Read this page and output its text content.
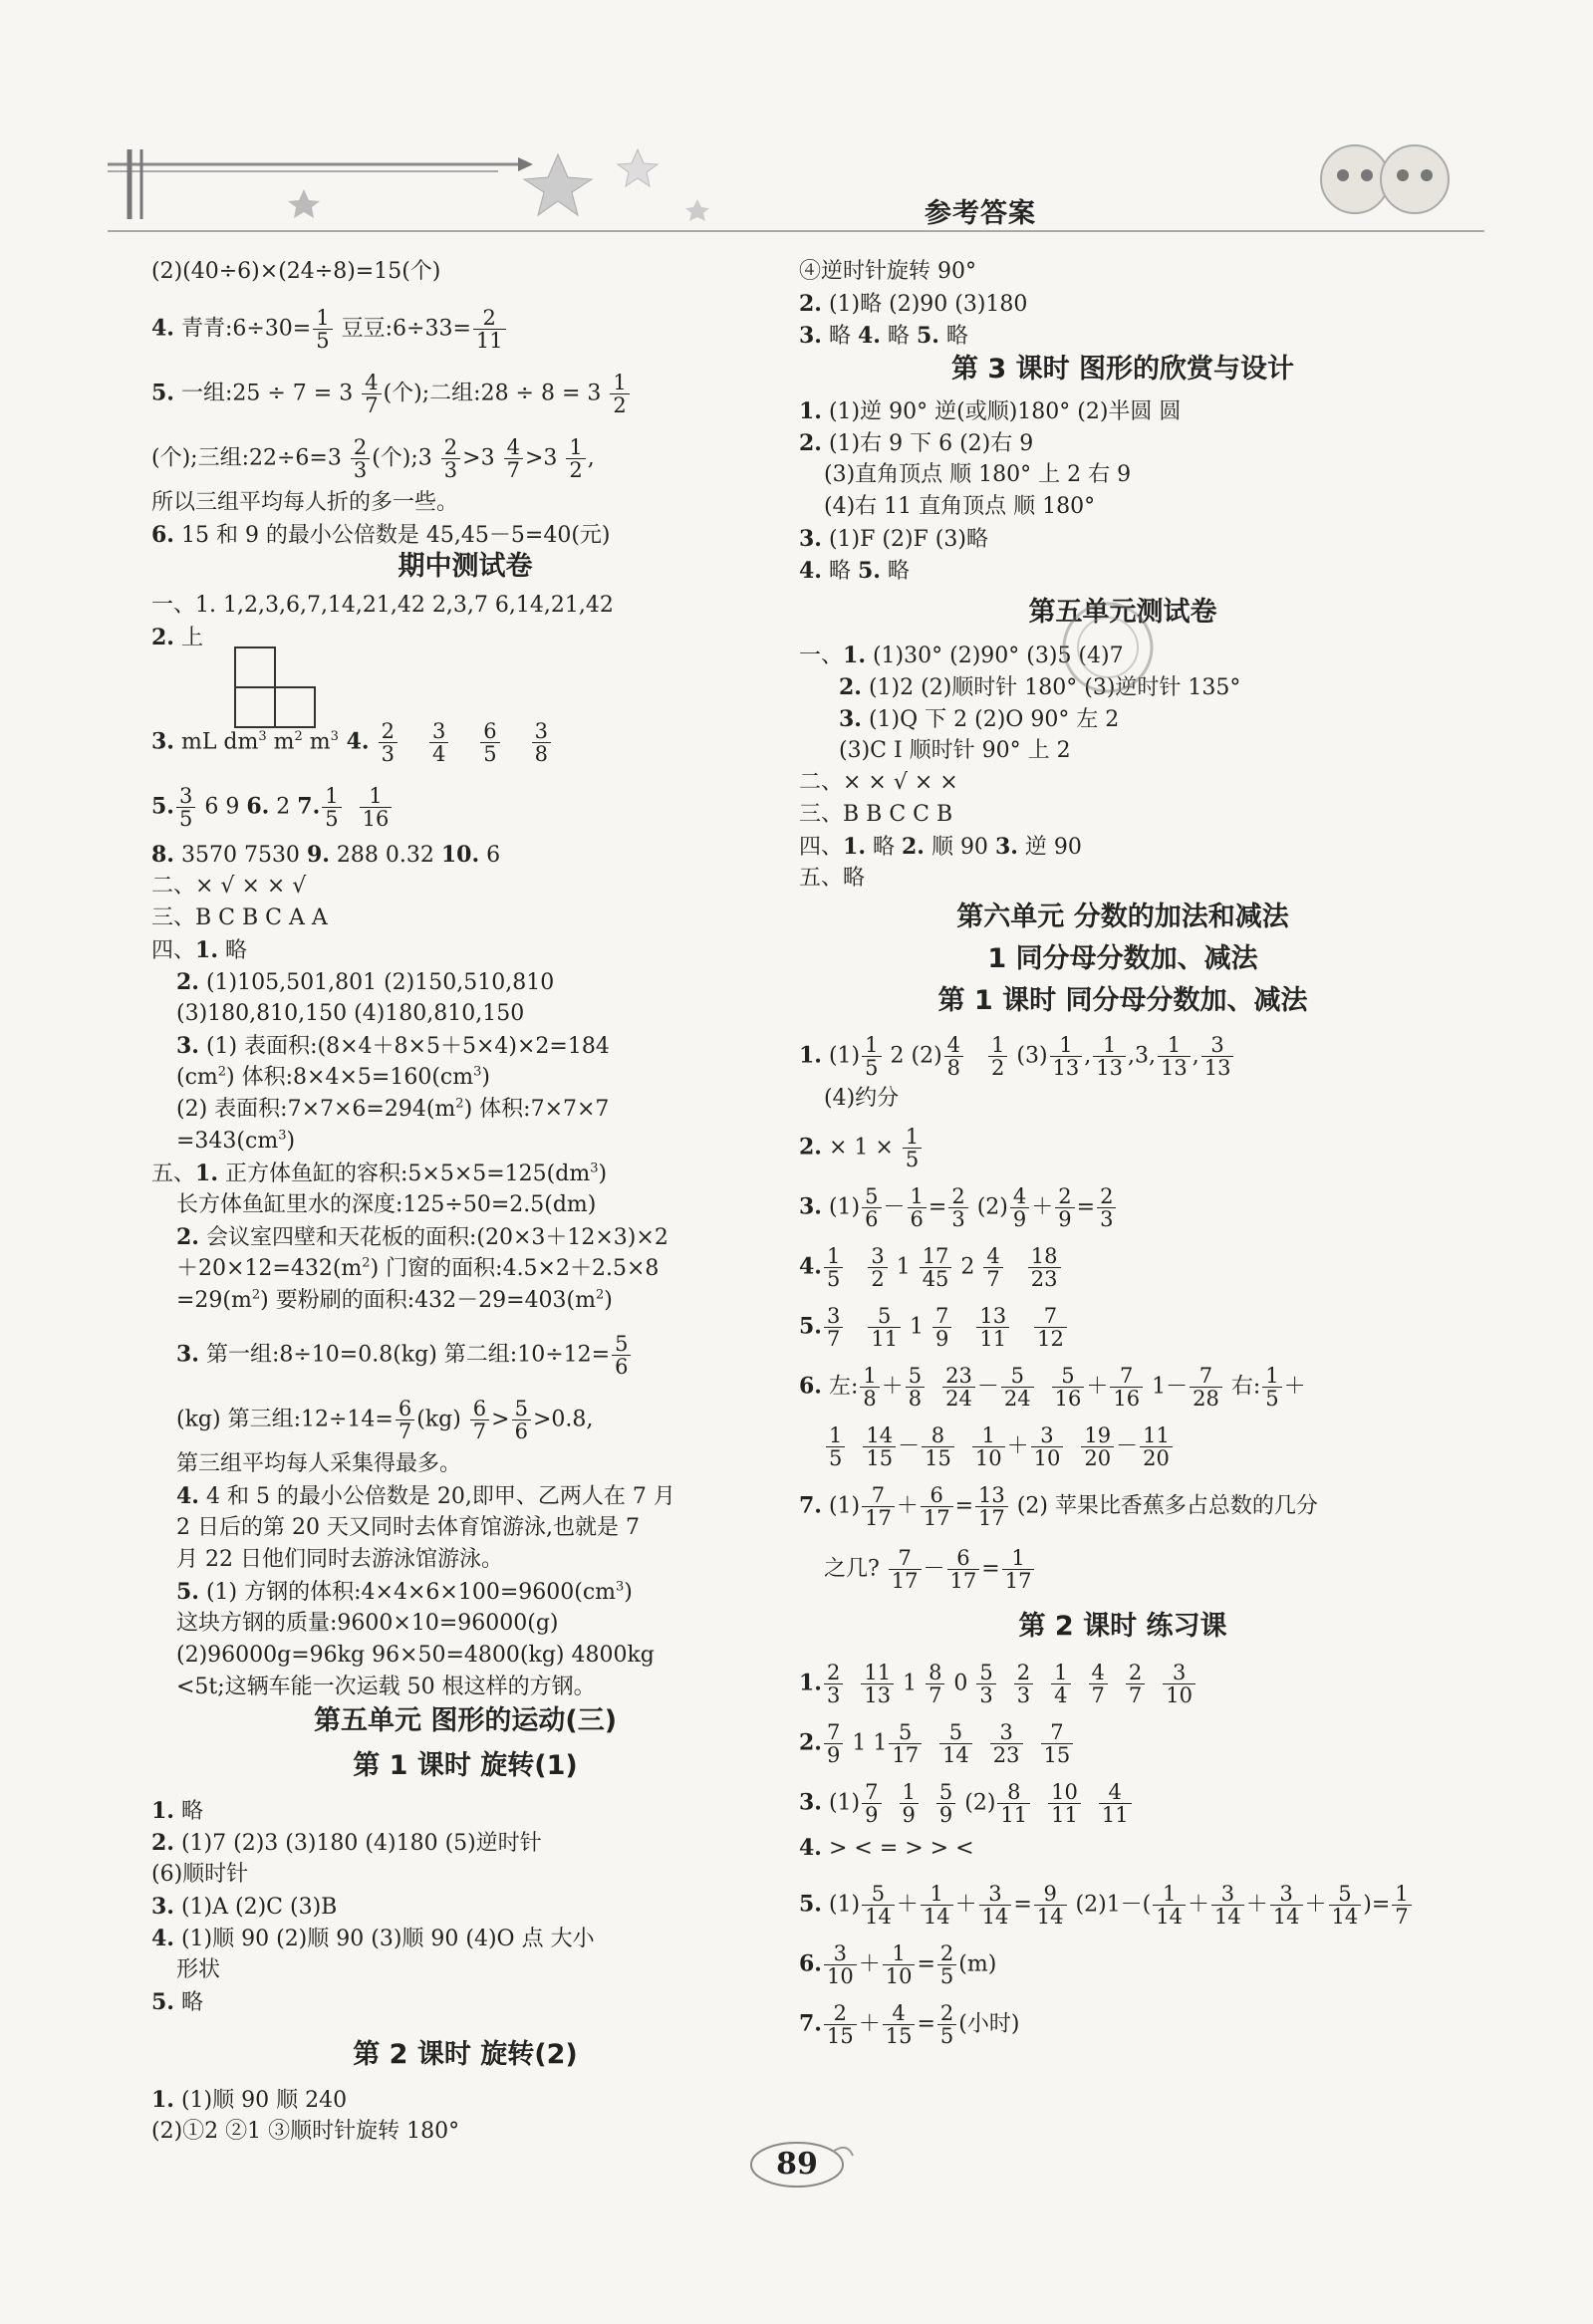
参考答案
(2)(40÷6)×(24÷8)=15(个)
4. 青青:6÷30= $\frac{1}{5}$ 豆豆:6÷33= $\frac{2}{11}$
5. 一组:25 ÷ $7 = 3 \frac{4}{7}$ (个);二组:28 ÷ $8 = 3 \frac{1}{2}$
(个);三组:22÷6=3 $\frac{2}{3}$ (个);3 $\frac{2}{3} >3 \frac{4}{7} >3 \frac{1}{2}$ ,
所以三组平均每人折的多一些。
6. 15 和 9 的最小公倍数是 45,45－5=40(元)
期中测试卷
一、1. 1,2,3,6,7,14,21,42 2,3,7 6,14,21,42
2. 上
3. mL $dm^3$ $m^2$ $m^3$ 4. $\frac{2}{3}$
$\frac{3}{4}$
$\frac{6}{5}$
$\frac{3}{8}$
5. $\frac{3}{5} 6$ 9 6. 2 7. $\frac{1}{5}$
$\frac{1}{16}$
8. 3570 7530 9. 288 0.32 10. 6
二、× √ × × √
三、B C B C A A
四、1. 略
2. (1)105,501,801 (2)150,510,810
(3)180,810,150 (4)180,810,150
3. (1) 表面积:(8×4＋8×5＋5×4)×2=184
$(cm^2)$ 体积$:8\times 4\times 5=160(cm^3)$
(2) 表面积$:7\times 7\times 6=294(m^2)$ 体积:7×7×7
$=343(cm^3)$
五、1. 正方体鱼缸的容积$:5\times 5\times 5=125(dm^3)$
长方体鱼缸里水的深度:125÷50=2.5(dm)
2. 会议室四壁和天花板的面积:(20×3＋12×3)×2
$+20\times 12=432(m^2)$ 门窗的面积:4.5×2＋2.5×8
$=29(m^2)$ 要粉刷的面积$:432-29=403(m^2)$
3. 第一组:8÷10=0.8(kg) 第二组:10÷12= $\frac{5}{6}$
(kg) 第三组:12÷14= $\frac{6}{7} (kg) \frac{6}{7} > \frac{5}{6} >0.8$,
第三组平均每人采集得最多。
4. 4 和 5 的最小公倍数是 20,即甲、乙两人在 7 月
2 日后的第 20 天又同时去体育馆游泳,也就是 7
月 22 日他们同时去游泳馆游泳。
5. (1) 方钢的体积$:4\times 4\times 6\times 100=9600(cm^3)$
这块方钢的质量:9600×10=96000(g)
(2)96000g=96kg 96×50=4800(kg) 4800kg
<5t;这辆车能一次运载 50 根这样的方钢。
第五单元 图形的运动(三)
第 1 课时 旋转(1)
1. 略
2. (1)7 (2)3 (3)180 (4)180 (5)逆时针
(6)顺时针
3. (1)A (2)C (3)B
4. (1)顺 90 (2)顺 90 (3)顺 90 (4)O 点 大小
形状
5. 略
第 2 课时 旋转(2)
1. (1)顺 90 顺 240
(2)①2 ②1 ③顺时针旋转 180°
④逆时针旋转 90°
2. (1)略 (2)90 (3)180
3. 略 4. 略 5. 略
第 3 课时 图形的欣赏与设计
1. (1)逆 90° 逆(或顺)180° (2)半圆 圆
2. (1)右 9 下 6 (2)右 9
(3)直角顶点 顺 180° 上 2 右 9
(4)右 11 直角顶点 顺 180°
3. (1)F (2)F (3)略
4. 略 5. 略
第五单元测试卷
一、1. (1)30° (2)90° (3)5 (4)7
2. (1)2 (2)顺时针 180° (3)逆时针 135°
3. (1)Q 下 2 (2)O 90° 左 2
(3)C I 顺时针 90° 上 2
二、× × √ × ×
三、B B C C B
四、1. 略 2. 顺 90 3. 逆 90
五、略
第六单元 分数的加法和减法
1 同分母分数加、减法
第 1 课时 同分母分数加、减法
1. $(1) \frac{1}{5} 2$ $(2) \frac{4}{8}$
$\frac{1}{2} (3) \frac{1}{13}$ , $\frac{1}{13} ,3$, $\frac{1}{13}$ , $\frac{3}{13}$
(4)约分
2. × $1 \times \frac{1}{5}$
3. $(1) \frac{5}{6} - \frac{1}{6} = \frac{2}{3} (2) \frac{4}{9} + \frac{2}{9} = \frac{2}{3}$
4. $\frac{1}{5}$
$\frac{3}{2} 1 \frac{17}{45} 2 \frac{4}{7}$
$\frac{18}{23}$
5. $\frac{3}{7}$
$\frac{5}{11} 1 \frac{7}{9}$
$\frac{13}{11}$
$\frac{7}{12}$
6. 左: $\frac{1}{8} + \frac{5}{8}$
$\frac{23}{24} - \frac{5}{24}$
$\frac{5}{16} + \frac{7}{16} 1- \frac{7}{28}$ 右: $\frac{1}{5}$ ＋
$\frac{1}{5}$
$\frac{14}{15} - \frac{8}{15}$
$\frac{1}{10} + \frac{3}{10}$
$\frac{19}{20} - \frac{11}{20}$
7. $(1) \frac{7}{17} + \frac{6}{17} = \frac{13}{17} (2)$ 苹果比香蕉多占总数的几分
之几? $\frac{7}{17} - \frac{6}{17} = \frac{1}{17}$
第 2 课时 练习课
1. $\frac{2}{3}$
$\frac{11}{13} 1 \frac{8}{7} 0 \frac{5}{3}$
$\frac{2}{3}$
$\frac{1}{4}$
$\frac{4}{7}$
$\frac{2}{7}$
$\frac{3}{10}$
2. $\frac{7}{9} 1$ $1 \frac{5}{17}$
$\frac{5}{14}$
$\frac{3}{23}$
$\frac{7}{15}$
3. $(1) \frac{7}{9}$
$\frac{1}{9}$
$\frac{5}{9} (2) \frac{8}{11}$
$\frac{10}{11}$
$\frac{4}{11}$
4. > < = > > <
5. $(1) \frac{5}{14} + \frac{1}{14} + \frac{3}{14} = \frac{9}{14} (2)1-( \frac{1}{14} + \frac{3}{14} + \frac{3}{14} + \frac{5}{14}$ )= $\frac{1}{7}$
6. $\frac{3}{10} + \frac{1}{10} = \frac{2}{5} (m)$
7. $\frac{2}{15} + \frac{4}{15} = \frac{2}{5}$ (小时)
89
